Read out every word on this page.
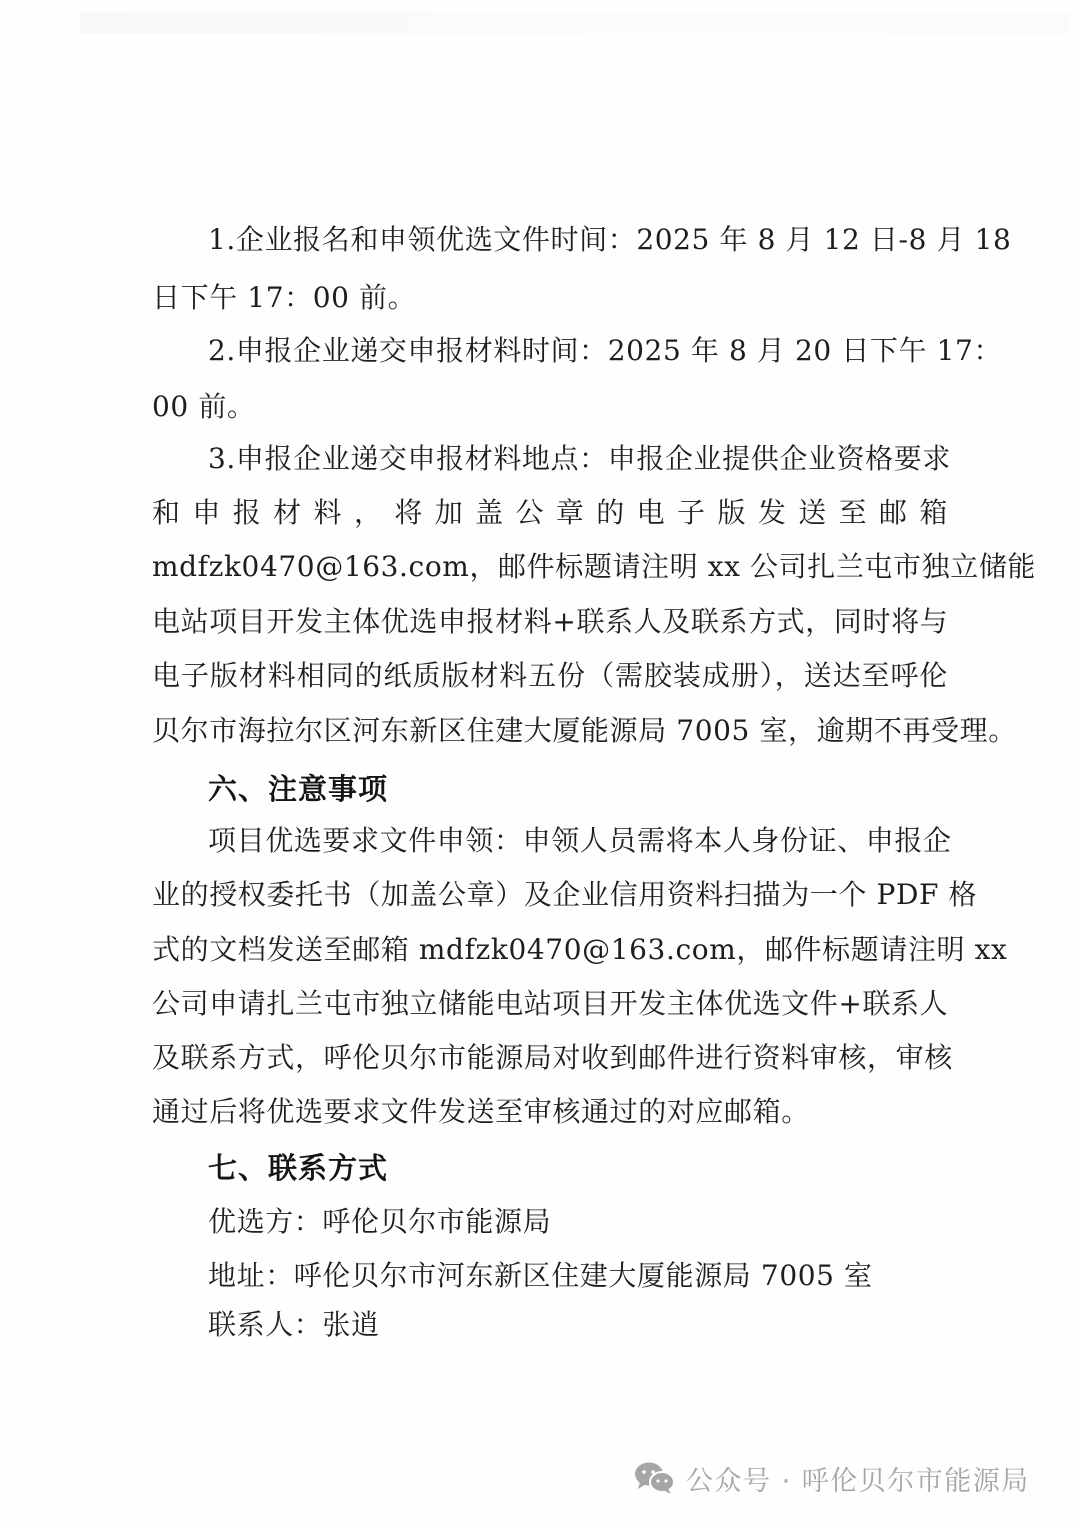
1.企业报名和申领优选文件时间：2025 年 8 月 12 日-8 月 18
日下午 17：00 前。
2.申报企业递交申报材料时间：2025 年 8 月 20 日下午 17：
00 前。
3.申报企业递交申报材料地点：申报企业提供企业资格要求
和申报材料，将加盖公章的电子版发送至邮箱
mdfzk0470@163.com，邮件标题请注明 xx 公司扎兰屯市独立储能
电站项目开发主体优选申报材料+联系人及联系方式，同时将与
电子版材料相同的纸质版材料五份（需胶装成册），送达至呼伦
贝尔市海拉尔区河东新区住建大厦能源局 7005 室，逾期不再受理。
六、注意事项
项目优选要求文件申领：申领人员需将本人身份证、申报企
业的授权委托书（加盖公章）及企业信用资料扫描为一个 PDF 格
式的文档发送至邮箱 mdfzk0470@163.com，邮件标题请注明 xx
公司申请扎兰屯市独立储能电站项目开发主体优选文件+联系人
及联系方式，呼伦贝尔市能源局对收到邮件进行资料审核，审核
通过后将优选要求文件发送至审核通过的对应邮箱。
七、联系方式
优选方：呼伦贝尔市能源局
地址：呼伦贝尔市河东新区住建大厦能源局 7005 室
联系人：张逍
公众号 · 呼伦贝尔市能源局
